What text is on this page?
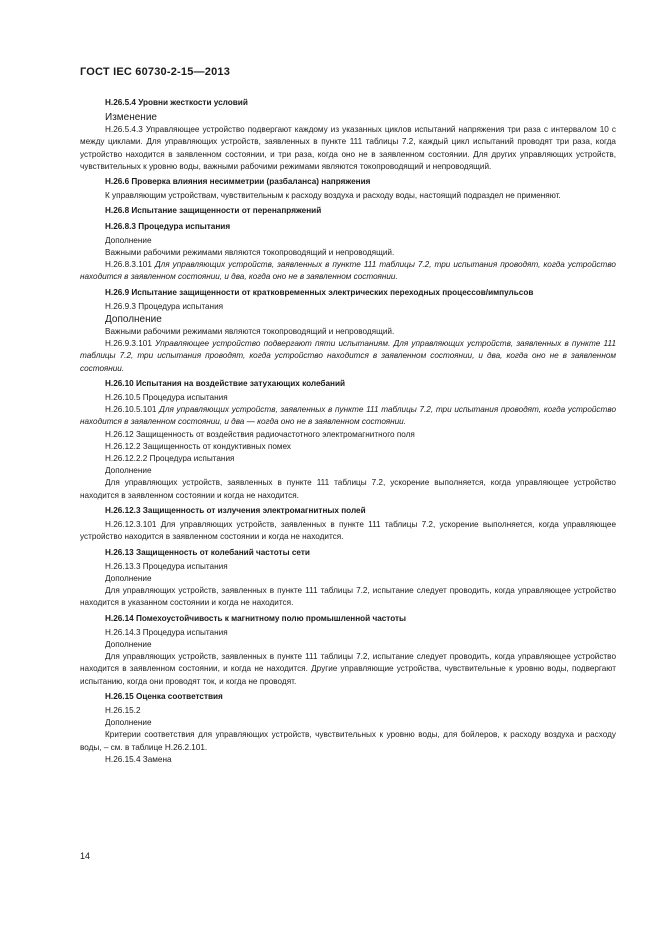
ГОСТ IEC 60730-2-15—2013

Н.26.5.4 Уровни жесткости условий

Изменение

Н.26.5.4.3 Управляющее устройство подвергают каждому из указанных циклов испытаний напряжения три раза с интервалом 10 с между циклами. Для управляющих устройств, заявленных в пункте 111 таблицы 7.2, каждый цикл испытаний проводят три раза, когда устройство находится в заявленном состоянии, и три раза, когда оно не в заявленном состоянии. Для других управляющих устройств, чувствительных к уровню воды, важными рабочими режимами являются токопроводящий и непроводящий.

Н.26.6 Проверка влияния несимметрии (разбаланса) напряжения

К управляющим устройствам, чувствительным к расходу воздуха и расходу воды, настоящий подраздел не применяют.

Н.26.8 Испытание защищенности от перенапряжений

Н.26.8.3 Процедура испытания

Дополнение

Важными рабочими режимами являются токопроводящий и непроводящий.

Н.26.8.3.101 Для управляющих устройств, заявленных в пункте 111 таблицы 7.2, три испытания проводят, когда устройство находится в заявленном состоянии, и два, когда оно не в заявленном состоянии.

Н.26.9 Испытание защищенности от кратковременных электрических переходных процессов/импульсов

Н.26.9.3 Процедура испытания

Дополнение

Важными рабочими режимами являются токопроводящий и непроводящий.

Н.26.9.3.101 Управляющее устройство подвергают пяти испытаниям. Для управляющих устройств, заявленных в пункте 111 таблицы 7.2, три испытания проводят, когда устройство находится в заявленном состоянии, и два, когда оно не в заявленном состоянии.

Н.26.10 Испытания на воздействие затухающих колебаний

Н.26.10.5 Процедура испытания

Н.26.10.5.101 Для управляющих устройств, заявленных в пункте 111 таблицы 7.2, три испытания проводят, когда устройство находится в заявленном состоянии, и два — когда оно не в заявленном состоянии.

Н.26.12 Защищенность от воздействия радиочастотного электромагнитного поля

Н.26.12.2 Защищенность от кондуктивных помех

Н.26.12.2.2 Процедура испытания

Дополнение

Для управляющих устройств, заявленных в пункте 111 таблицы 7.2, ускорение выполняется, когда управляющее устройство находится в заявленном состоянии и когда не находится.

Н.26.12.3 Защищенность от излучения электромагнитных полей

Н.26.12.3.101 Для управляющих устройств, заявленных в пункте 111 таблицы 7.2, ускорение выполняется, когда управляющее устройство находится в заявленном состоянии и когда не находится.

Н.26.13 Защищенность от колебаний частоты сети

Н.26.13.3 Процедура испытания

Дополнение

Для управляющих устройств, заявленных в пункте 111 таблицы 7.2, испытание следует проводить, когда управляющее устройство находится в указанном состоянии и когда не находится.

Н.26.14 Помехоустойчивость к магнитному полю промышленной частоты

Н.26.14.3 Процедура испытания

Дополнение

Для управляющих устройств, заявленных в пункте 111 таблицы 7.2, испытание следует проводить, когда управляющее устройство находится в заявленном состоянии, и когда не находится. Другие управляющие устройства, чувствительные к уровню воды, подвергают испытанию, когда они проводят ток, и когда не проводят.

Н.26.15 Оценка соответствия

Н.26.15.2

Дополнение

Критерии соответствия для управляющих устройств, чувствительных к уровню воды, для бойлеров, к расходу воздуха и расходу воды, – см. в таблице Н.26.2.101.

Н.26.15.4 Замена

14
